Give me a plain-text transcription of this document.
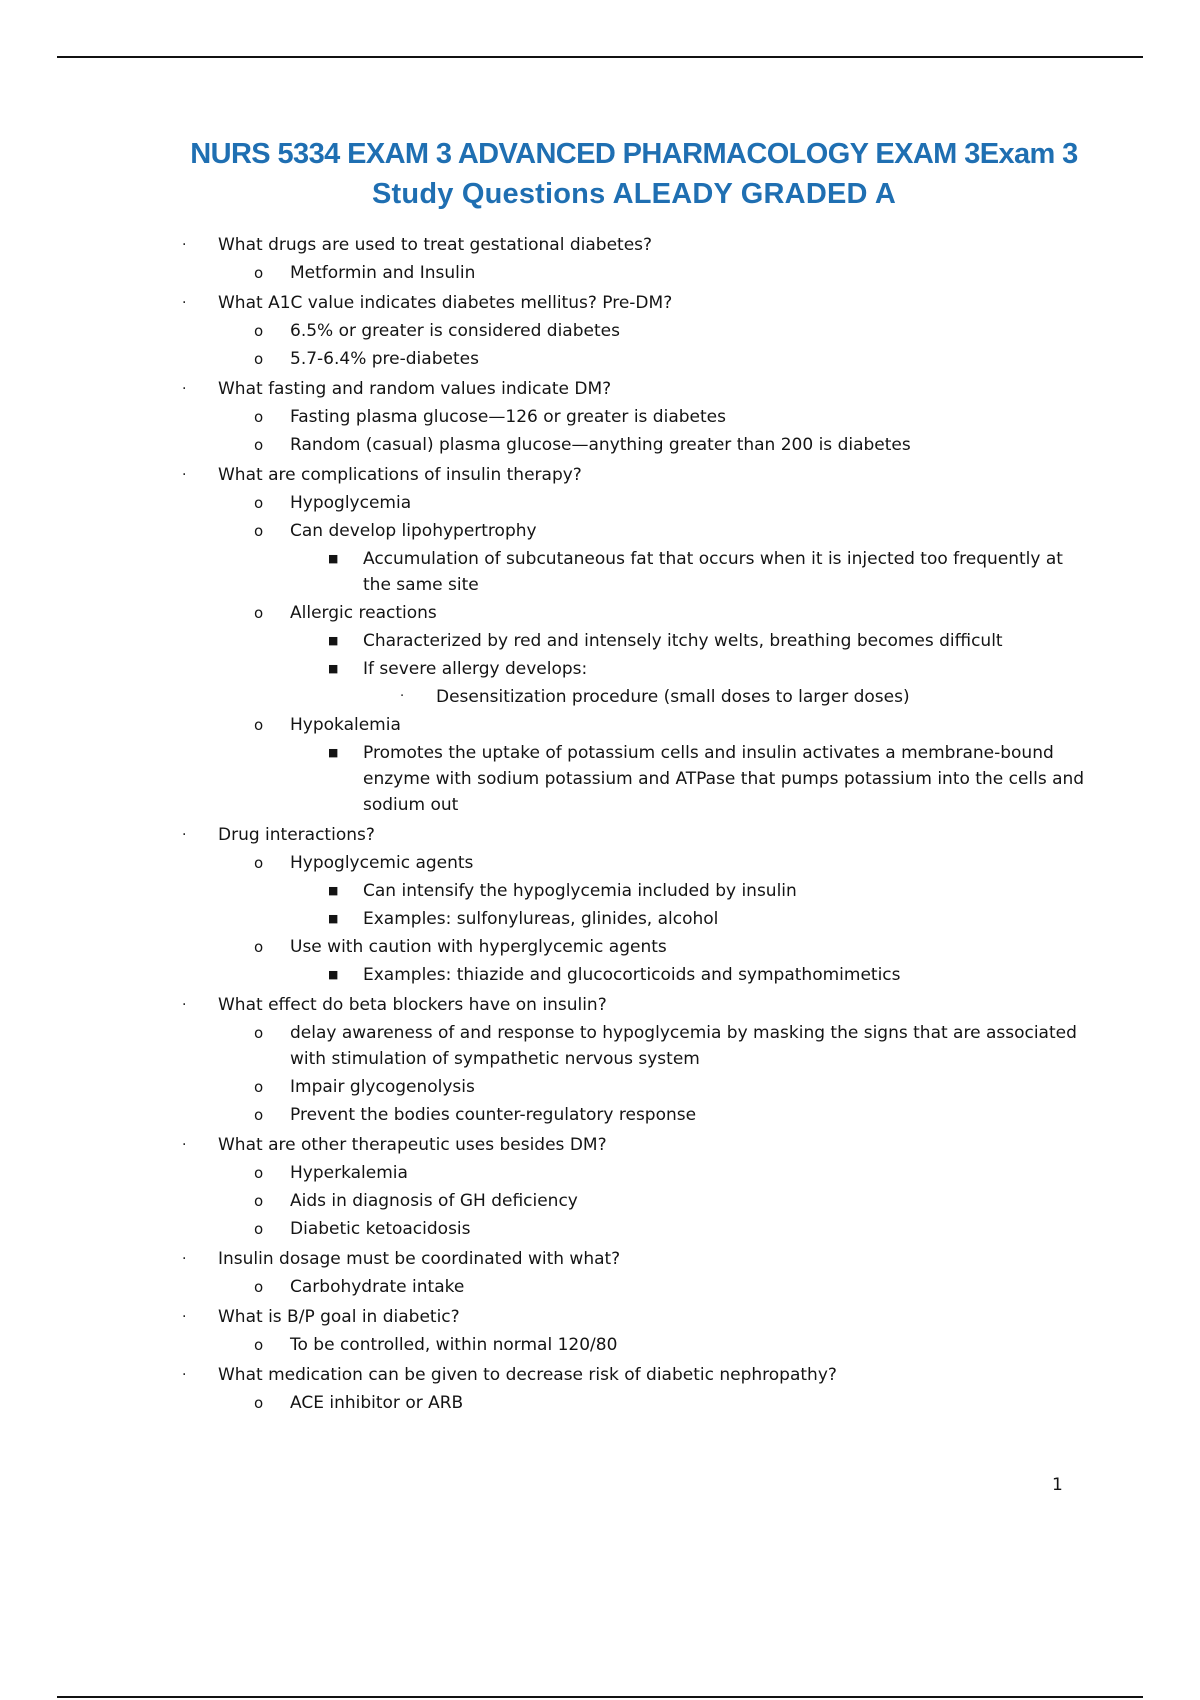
NURS 5334 EXAM 3 ADVANCED PHARMACOLOGY EXAM 3Exam 3
Study Questions ALEADY GRADED A
· What drugs are used to treat gestational diabetes?
o Metformin and Insulin
· What A1C value indicates diabetes mellitus? Pre-DM?
o 6.5% or greater is considered diabetes
o 5.7-6.4% pre-diabetes
· What fasting and random values indicate DM?
o Fasting plasma glucose—126 or greater is diabetes
o Random (casual) plasma glucose—anything greater than 200 is diabetes
· What are complications of insulin therapy?
o Hypoglycemia
o Can develop lipohypertrophy
■ Accumulation of subcutaneous fat that occurs when it is injected too frequently at the same site
o Allergic reactions
■ Characterized by red and intensely itchy welts, breathing becomes difficult
■ If severe allergy develops:
· Desensitization procedure (small doses to larger doses)
o Hypokalemia
■ Promotes the uptake of potassium cells and insulin activates a membrane-bound enzyme with sodium potassium and ATPase that pumps potassium into the cells and sodium out
· Drug interactions?
o Hypoglycemic agents
■ Can intensify the hypoglycemia included by insulin
■ Examples: sulfonylureas, glinides, alcohol
o Use with caution with hyperglycemic agents
■ Examples: thiazide and glucocorticoids and sympathomimetics
· What effect do beta blockers have on insulin?
o delay awareness of and response to hypoglycemia by masking the signs that are associated with stimulation of sympathetic nervous system
o Impair glycogenolysis
o Prevent the bodies counter-regulatory response
· What are other therapeutic uses besides DM?
o Hyperkalemia
o Aids in diagnosis of GH deficiency
o Diabetic ketoacidosis
· Insulin dosage must be coordinated with what?
o Carbohydrate intake
· What is B/P goal in diabetic?
o To be controlled, within normal 120/80
· What medication can be given to decrease risk of diabetic nephropathy?
o ACE inhibitor or ARB
1
